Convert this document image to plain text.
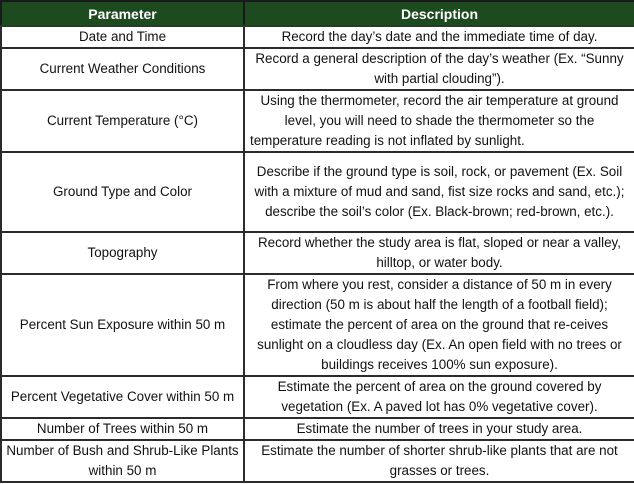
Parameter	Description
Date and Time	Record the day’s date and the immediate time of day.
Current Weather Conditions	Record a general description of the day’s weather (Ex. “Sunny with partial clouding”).
Current Temperature (°C)	Using the thermometer, record the air temperature at ground level, you will need to shade the thermometer so the temperature reading is not inflated by sunlight.
Ground Type and Color	Describe if the ground type is soil, rock, or pavement (Ex. Soil with a mixture of mud and sand, fist size rocks and sand, etc.); describe the soil’s color (Ex. Black-brown; red-brown, etc.).
Topography	Record whether the study area is flat, sloped or near a valley, hilltop, or water body.
Percent Sun Exposure within 50 m	From where you rest, consider a distance of 50 m in every direction (50 m is about half the length of a football field); estimate the percent of area on the ground that re-ceives sunlight on a cloudless day (Ex. An open field with no trees or buildings receives 100% sun exposure).
Percent Vegetative Cover within 50 m	Estimate the percent of area on the ground covered by vegetation (Ex. A paved lot has 0% vegetative cover).
Number of Trees within 50 m	Estimate the number of trees in your study area.
Number of Bush and Shrub-Like Plants within 50 m	Estimate the number of shorter shrub-like plants that are not grasses or trees.
